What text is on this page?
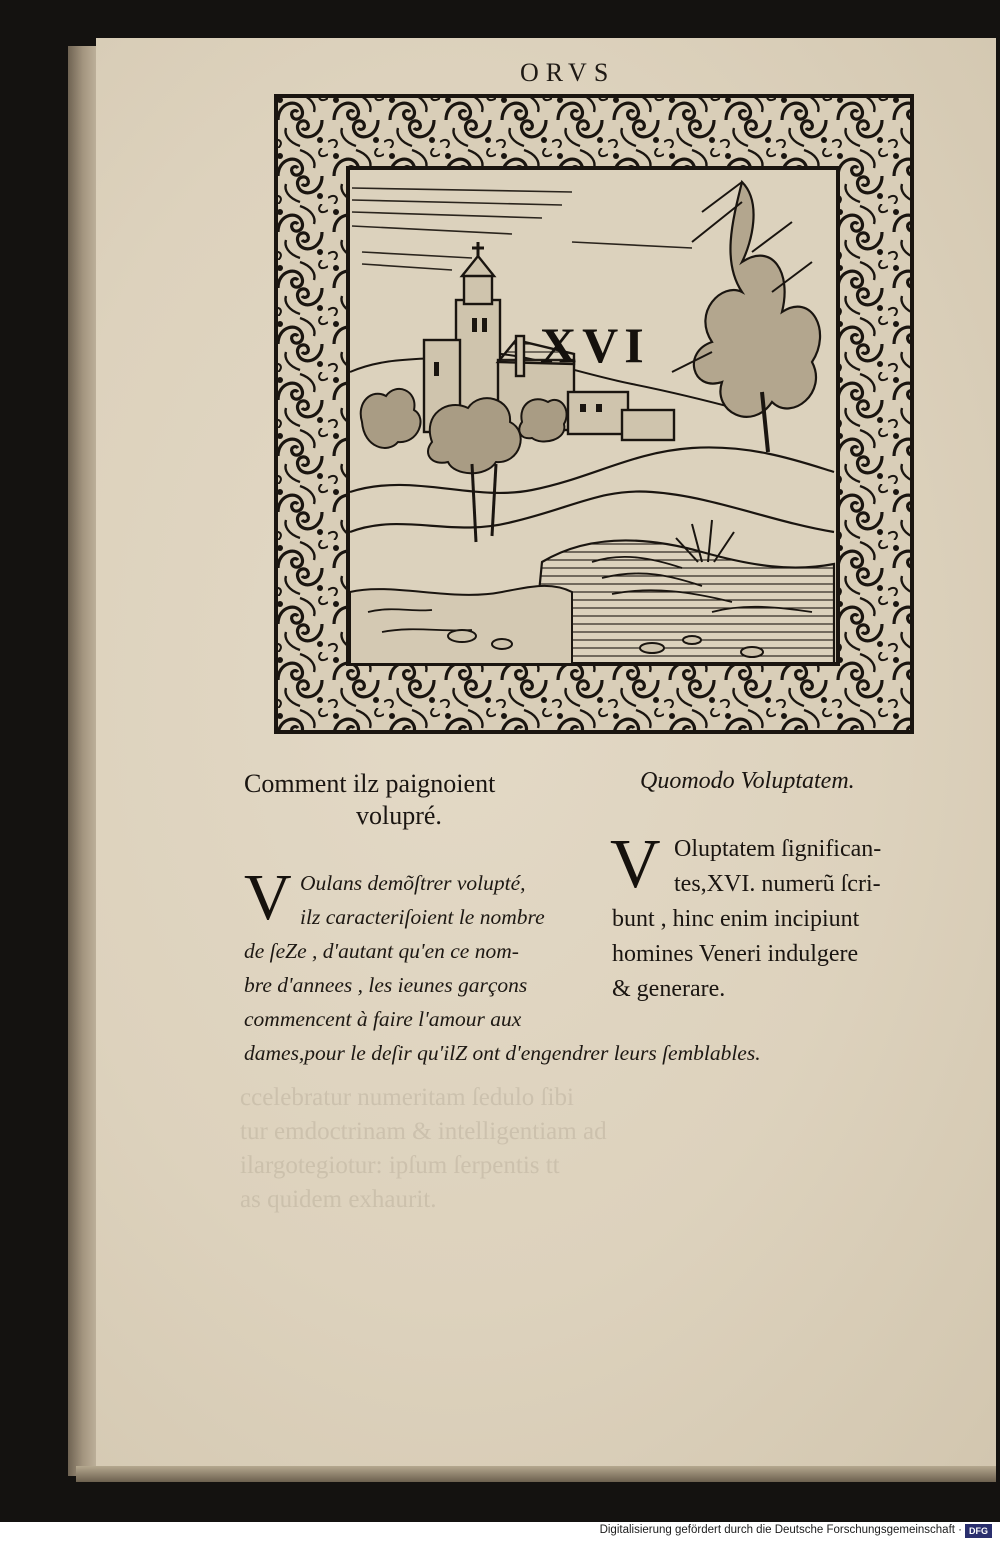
ccelebratur numeritam ſedulo ſibi
tur emdoctrinam & intelligentiam ad
ilargotegiotur: ipſum ſerpentis tt
as quidem exhaurit.
ORVS
XVI
Comment ilz paignoient
volupré.
Quomodo Voluptatem.
V Oulans demõſtrer volupté,
ilz caracteriſoient le nombre
de ſeZe , d'autant qu'en ce nom-
bre d'annees , les ieunes garçons
commencent à faire l'amour aux
dames,pour le deſir qu'ilZ ont d'engendrer leurs ſemblables.
V Oluptatem ſignifican-
tes,XVI. numerũ ſcri-
bunt , hinc enim incipiunt
homines Veneri indulgere
& generare.
Digitalisierung gefördert durch die Deutsche Forschungsgemeinschaft · DFG
